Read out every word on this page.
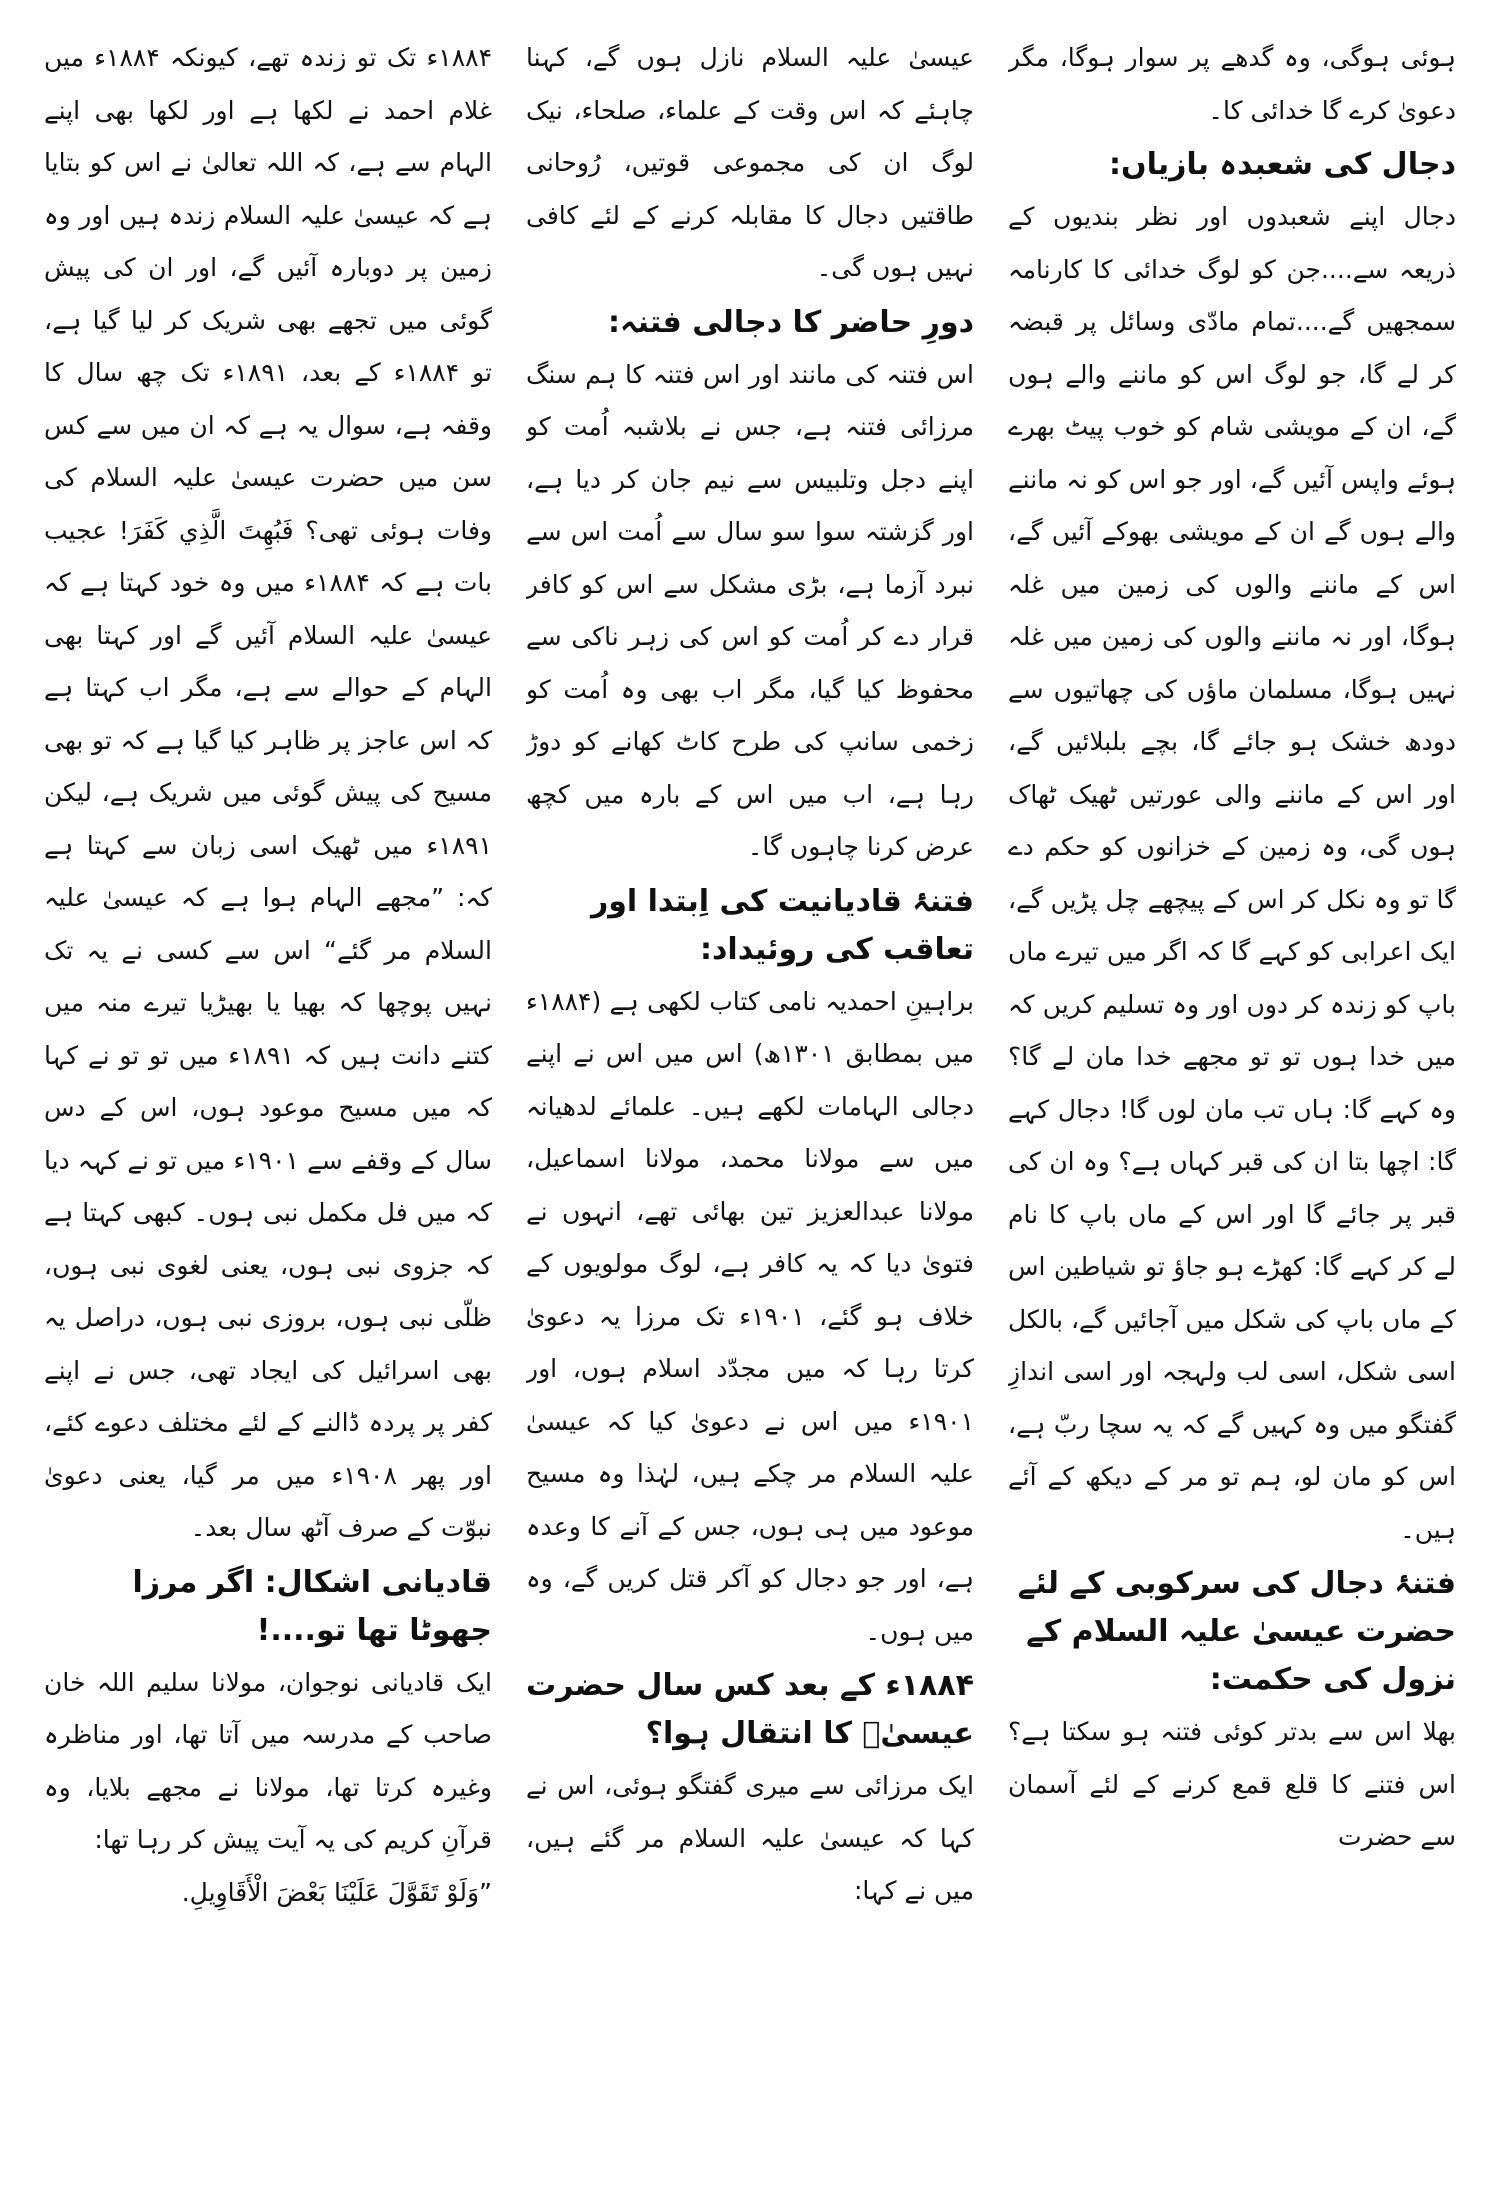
ہوئی ہوگی، وہ گدھے پر سوار ہوگا، مگر دعویٰ کرے گا خدائی کا۔

دجال کی شعبدہ بازیاں:

دجال اپنے شعبدوں اور نظر بندیوں کے ذریعہ سے....جن کو لوگ خدائی کا کارنامہ سمجھیں گے....تمام مادّی وسائل پر قبضہ کر لے گا، جو لوگ اس کو ماننے والے ہوں گے، ان کے مویشی شام کو خوب پیٹ بھرے ہوئے واپس آئیں گے، اور جو اس کو نہ ماننے والے ہوں گے ان کے مویشی بھوکے آئیں گے، اس کے ماننے والوں کی زمین میں غلہ ہوگا، اور نہ ماننے والوں کی زمین میں غلہ نہیں ہوگا، مسلمان ماؤں کی چھاتیوں سے دودھ خشک ہو جائے گا، بچے بلبلائیں گے، اور اس کے ماننے والی عورتیں ٹھیک ٹھاک ہوں گی، وہ زمین کے خزانوں کو حکم دے گا تو وہ نکل کر اس کے پیچھے چل پڑیں گے، ایک اعرابی کو کہے گا کہ اگر میں تیرے ماں باپ کو زندہ کر دوں اور وہ تسلیم کریں کہ میں خدا ہوں تو تو مجھے خدا مان لے گا؟ وہ کہے گا: ہاں تب مان لوں گا! دجال کہے گا: اچھا بتا ان کی قبر کہاں ہے؟ وہ ان کی قبر پر جائے گا اور اس کے ماں باپ کا نام لے کر کہے گا: کھڑے ہو جاؤ تو شیاطین اس کے ماں باپ کی شکل میں آجائیں گے، بالکل اسی شکل، اسی لب ولہجہ اور اسی اندازِ گفتگو میں وہ کہیں گے کہ یہ سچا ربّ ہے، اس کو مان لو، ہم تو مر کے دیکھ کے آئے ہیں۔

فتنۂ دجال کی سرکوبی کے لئے حضرت عیسیٰ علیہ السلام کے نزول کی حکمت:

بھلا اس سے بدتر کوئی فتنہ ہو سکتا ہے؟ اس فتنے کا قلع قمع کرنے کے لئے آسمان سے حضرت

عیسیٰ علیہ السلام نازل ہوں گے، کہنا چاہئے کہ اس وقت کے علماء، صلحاء، نیک لوگ ان کی مجموعی قوتیں، رُوحانی طاقتیں دجال کا مقابلہ کرنے کے لئے کافی نہیں ہوں گی۔

دورِ حاضر کا دجالی فتنہ:

اس فتنہ کی مانند اور اس فتنہ کا ہم سنگ مرزائی فتنہ ہے، جس نے بلاشبہ اُمت کو اپنے دجل وتلبیس سے نیم جان کر دیا ہے، اور گزشتہ سوا سو سال سے اُمت اس سے نبرد آزما ہے، بڑی مشکل سے اس کو کافر قرار دے کر اُمت کو اس کی زہر ناکی سے محفوظ کیا گیا، مگر اب بھی وہ اُمت کو زخمی سانپ کی طرح کاٹ کھانے کو دوڑ رہا ہے، اب میں اس کے بارہ میں کچھ عرض کرنا چاہوں گا۔

فتنۂ قادیانیت کی اِبتدا اور تعاقب کی روئیداد:

براہینِ احمدیہ نامی کتاب لکھی ہے (۱۸۸۴ء میں بمطابق ۱۳۰۱ھ) اس میں اس نے اپنے دجالی الہامات لکھے ہیں۔ علمائے لدھیانہ میں سے مولانا محمد، مولانا اسماعیل، مولانا عبدالعزیز تین بھائی تھے، انہوں نے فتویٰ دیا کہ یہ کافر ہے، لوگ مولویوں کے خلاف ہو گئے، ۱۹۰۱ء تک مرزا یہ دعویٰ کرتا رہا کہ میں مجدّد اسلام ہوں، اور ۱۹۰۱ء میں اس نے دعویٰ کیا کہ عیسیٰ علیہ السلام مر چکے ہیں، لہٰذا وہ مسیح موعود میں ہی ہوں، جس کے آنے کا وعدہ ہے، اور جو دجال کو آکر قتل کریں گے، وہ میں ہوں۔

۱۸۸۴ء کے بعد کس سال حضرت عیسیٰؑ کا انتقال ہوا؟

ایک مرزائی سے میری گفتگو ہوئی، اس نے کہا کہ عیسیٰ علیہ السلام مر گئے ہیں، میں نے کہا:

۱۸۸۴ء تک تو زندہ تھے، کیونکہ ۱۸۸۴ء میں غلام احمد نے لکھا ہے اور لکھا بھی اپنے الہام سے ہے، کہ اللہ تعالیٰ نے اس کو بتایا ہے کہ عیسیٰ علیہ السلام زندہ ہیں اور وہ زمین پر دوبارہ آئیں گے، اور ان کی پیش گوئی میں تجھے بھی شریک کر لیا گیا ہے، تو ۱۸۸۴ء کے بعد، ۱۸۹۱ء تک چھ سال کا وقفہ ہے، سوال یہ ہے کہ ان میں سے کس سن میں حضرت عیسیٰ علیہ السلام کی وفات ہوئی تھی؟ فَبُهِتَ الَّذِي كَفَرَ! عجیب بات ہے کہ ۱۸۸۴ء میں وہ خود کہتا ہے کہ عیسیٰ علیہ السلام آئیں گے اور کہتا بھی الہام کے حوالے سے ہے، مگر اب کہتا ہے کہ اس عاجز پر ظاہر کیا گیا ہے کہ تو بھی مسیح کی پیش گوئی میں شریک ہے، لیکن ۱۸۹۱ء میں ٹھیک اسی زبان سے کہتا ہے کہ: ”مجھے الہام ہوا ہے کہ عیسیٰ علیہ السلام مر گئے“ اس سے کسی نے یہ تک نہیں پوچھا کہ بھیا یا بھیڑیا تیرے منہ میں کتنے دانت ہیں کہ ۱۸۹۱ء میں تو تو نے کہا کہ میں مسیح موعود ہوں، اس کے دس سال کے وقفے سے ۱۹۰۱ء میں تو نے کہہ دیا کہ میں فل مکمل نبی ہوں۔ کبھی کہتا ہے کہ جزوی نبی ہوں، یعنی لغوی نبی ہوں، ظلّی نبی ہوں، بروزی نبی ہوں، دراصل یہ بھی اسرائیل کی ایجاد تھی، جس نے اپنے کفر پر پردہ ڈالنے کے لئے مختلف دعوے کئے، اور پھر ۱۹۰۸ء میں مر گیا، یعنی دعویٰ نبوّت کے صرف آٹھ سال بعد۔

قادیانی اشکال: اگر مرزا جھوٹا تھا تو....!

ایک قادیانی نوجوان، مولانا سلیم اللہ خان صاحب کے مدرسہ میں آتا تھا، اور مناظرہ وغیرہ کرتا تھا، مولانا نے مجھے بلایا، وہ قرآنِ کریم کی یہ آیت پیش کر رہا تھا:

”وَلَوْ تَقَوَّلَ عَلَيْنَا بَعْضَ الْأَقَاوِيلِ.
